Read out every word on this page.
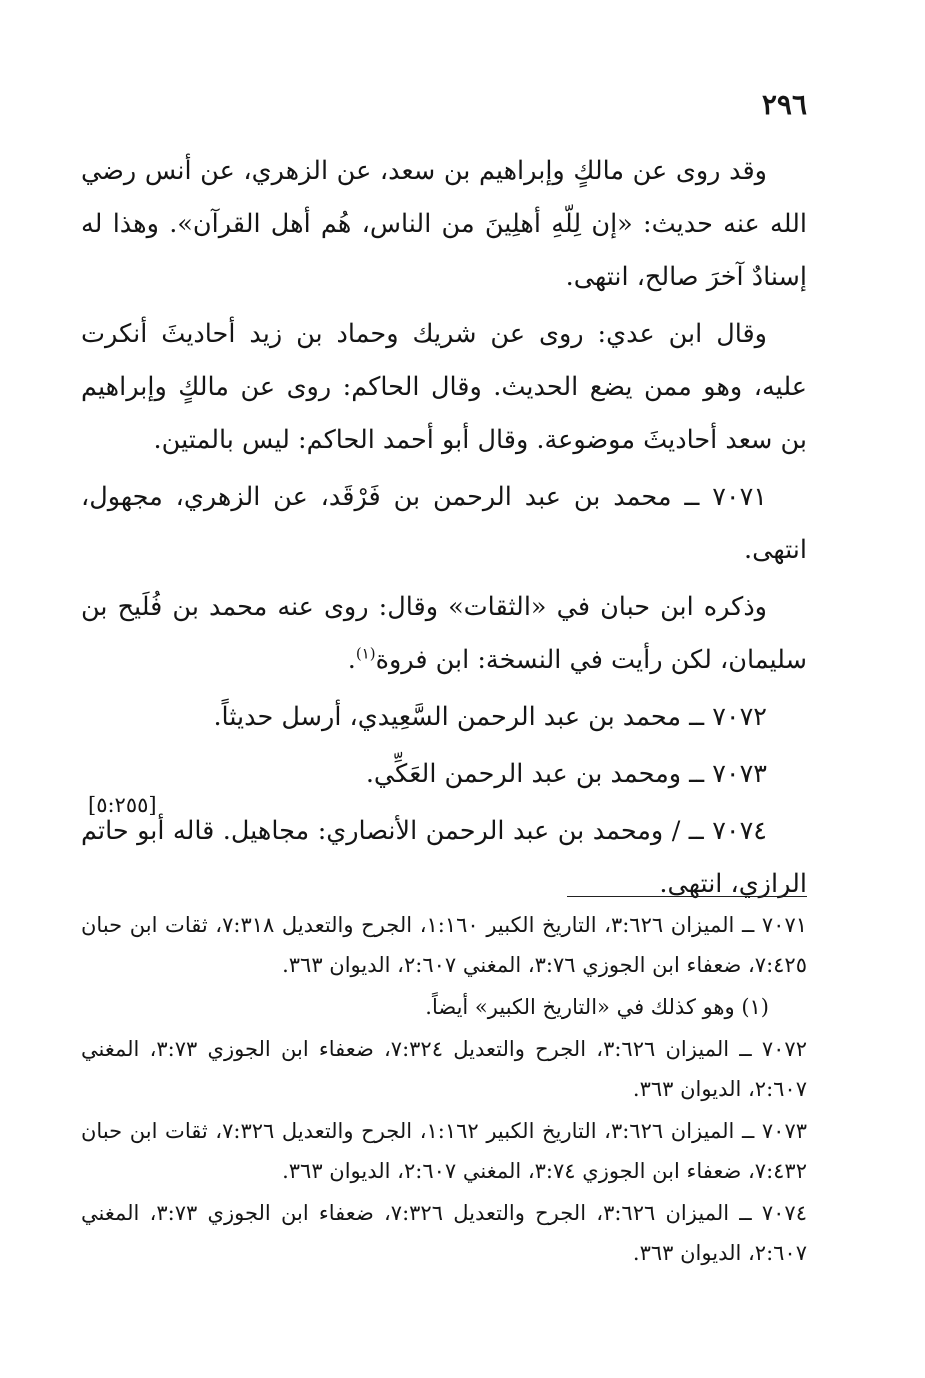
٢٩٦

وقد روى عن مالكٍ وإبراهيم بن سعد، عن الزهري، عن أنس رضي الله عنه حديث: «إن لِلّهِ أهلِينَ من الناس، هُم أهل القرآن». وهذا له إسنادٌ آخرَ صالح، انتهى.

وقال ابن عدي: روى عن شريك وحماد بن زيد أحاديثَ أنكرت عليه، وهو ممن يضع الحديث. وقال الحاكم: روى عن مالكٍ وإبراهيم بن سعد أحاديثَ موضوعة. وقال أبو أحمد الحاكم: ليس بالمتين.

٧٠٧١ ــ محمد بن عبد الرحمن بن فَرْقَد، عن الزهري، مجهول، انتهى.

وذكره ابن حبان في «الثقات» وقال: روى عنه محمد بن فُلَيح بن سليمان، لكن رأيت في النسخة: ابن فروة$^{(١)}$.

٧٠٧٢ ــ محمد بن عبد الرحمن السَّعِيدي، أرسل حديثاً.

٧٠٧٣ ــ ومحمد بن عبد الرحمن العَكِّي.

٧٠٧٤ ــ / ومحمد بن عبد الرحمن الأنصاري: مجاهيل. قاله أبو حاتم الرازي، انتهى.

[٥:٢٥٥]

٧٠٧١ ــ الميزان ٣:٦٢٦، التاريخ الكبير ١:١٦٠، الجرح والتعديل ٧:٣١٨، ثقات ابن حبان ٧:٤٢٥، ضعفاء ابن الجوزي ٣:٧٦، المغني ٢:٦٠٧، الديوان ٣٦٣.

(١) وهو كذلك في «التاريخ الكبير» أيضاً.

٧٠٧٢ ــ الميزان ٣:٦٢٦، الجرح والتعديل ٧:٣٢٤، ضعفاء ابن الجوزي ٣:٧٣، المغني ٢:٦٠٧، الديوان ٣٦٣.

٧٠٧٣ ــ الميزان ٣:٦٢٦، التاريخ الكبير ١:١٦٢، الجرح والتعديل ٧:٣٢٦، ثقات ابن حبان ٧:٤٣٢، ضعفاء ابن الجوزي ٣:٧٤، المغني ٢:٦٠٧، الديوان ٣٦٣.

٧٠٧٤ ــ الميزان ٣:٦٢٦، الجرح والتعديل ٧:٣٢٦، ضعفاء ابن الجوزي ٣:٧٣، المغني ٢:٦٠٧، الديوان ٣٦٣.
